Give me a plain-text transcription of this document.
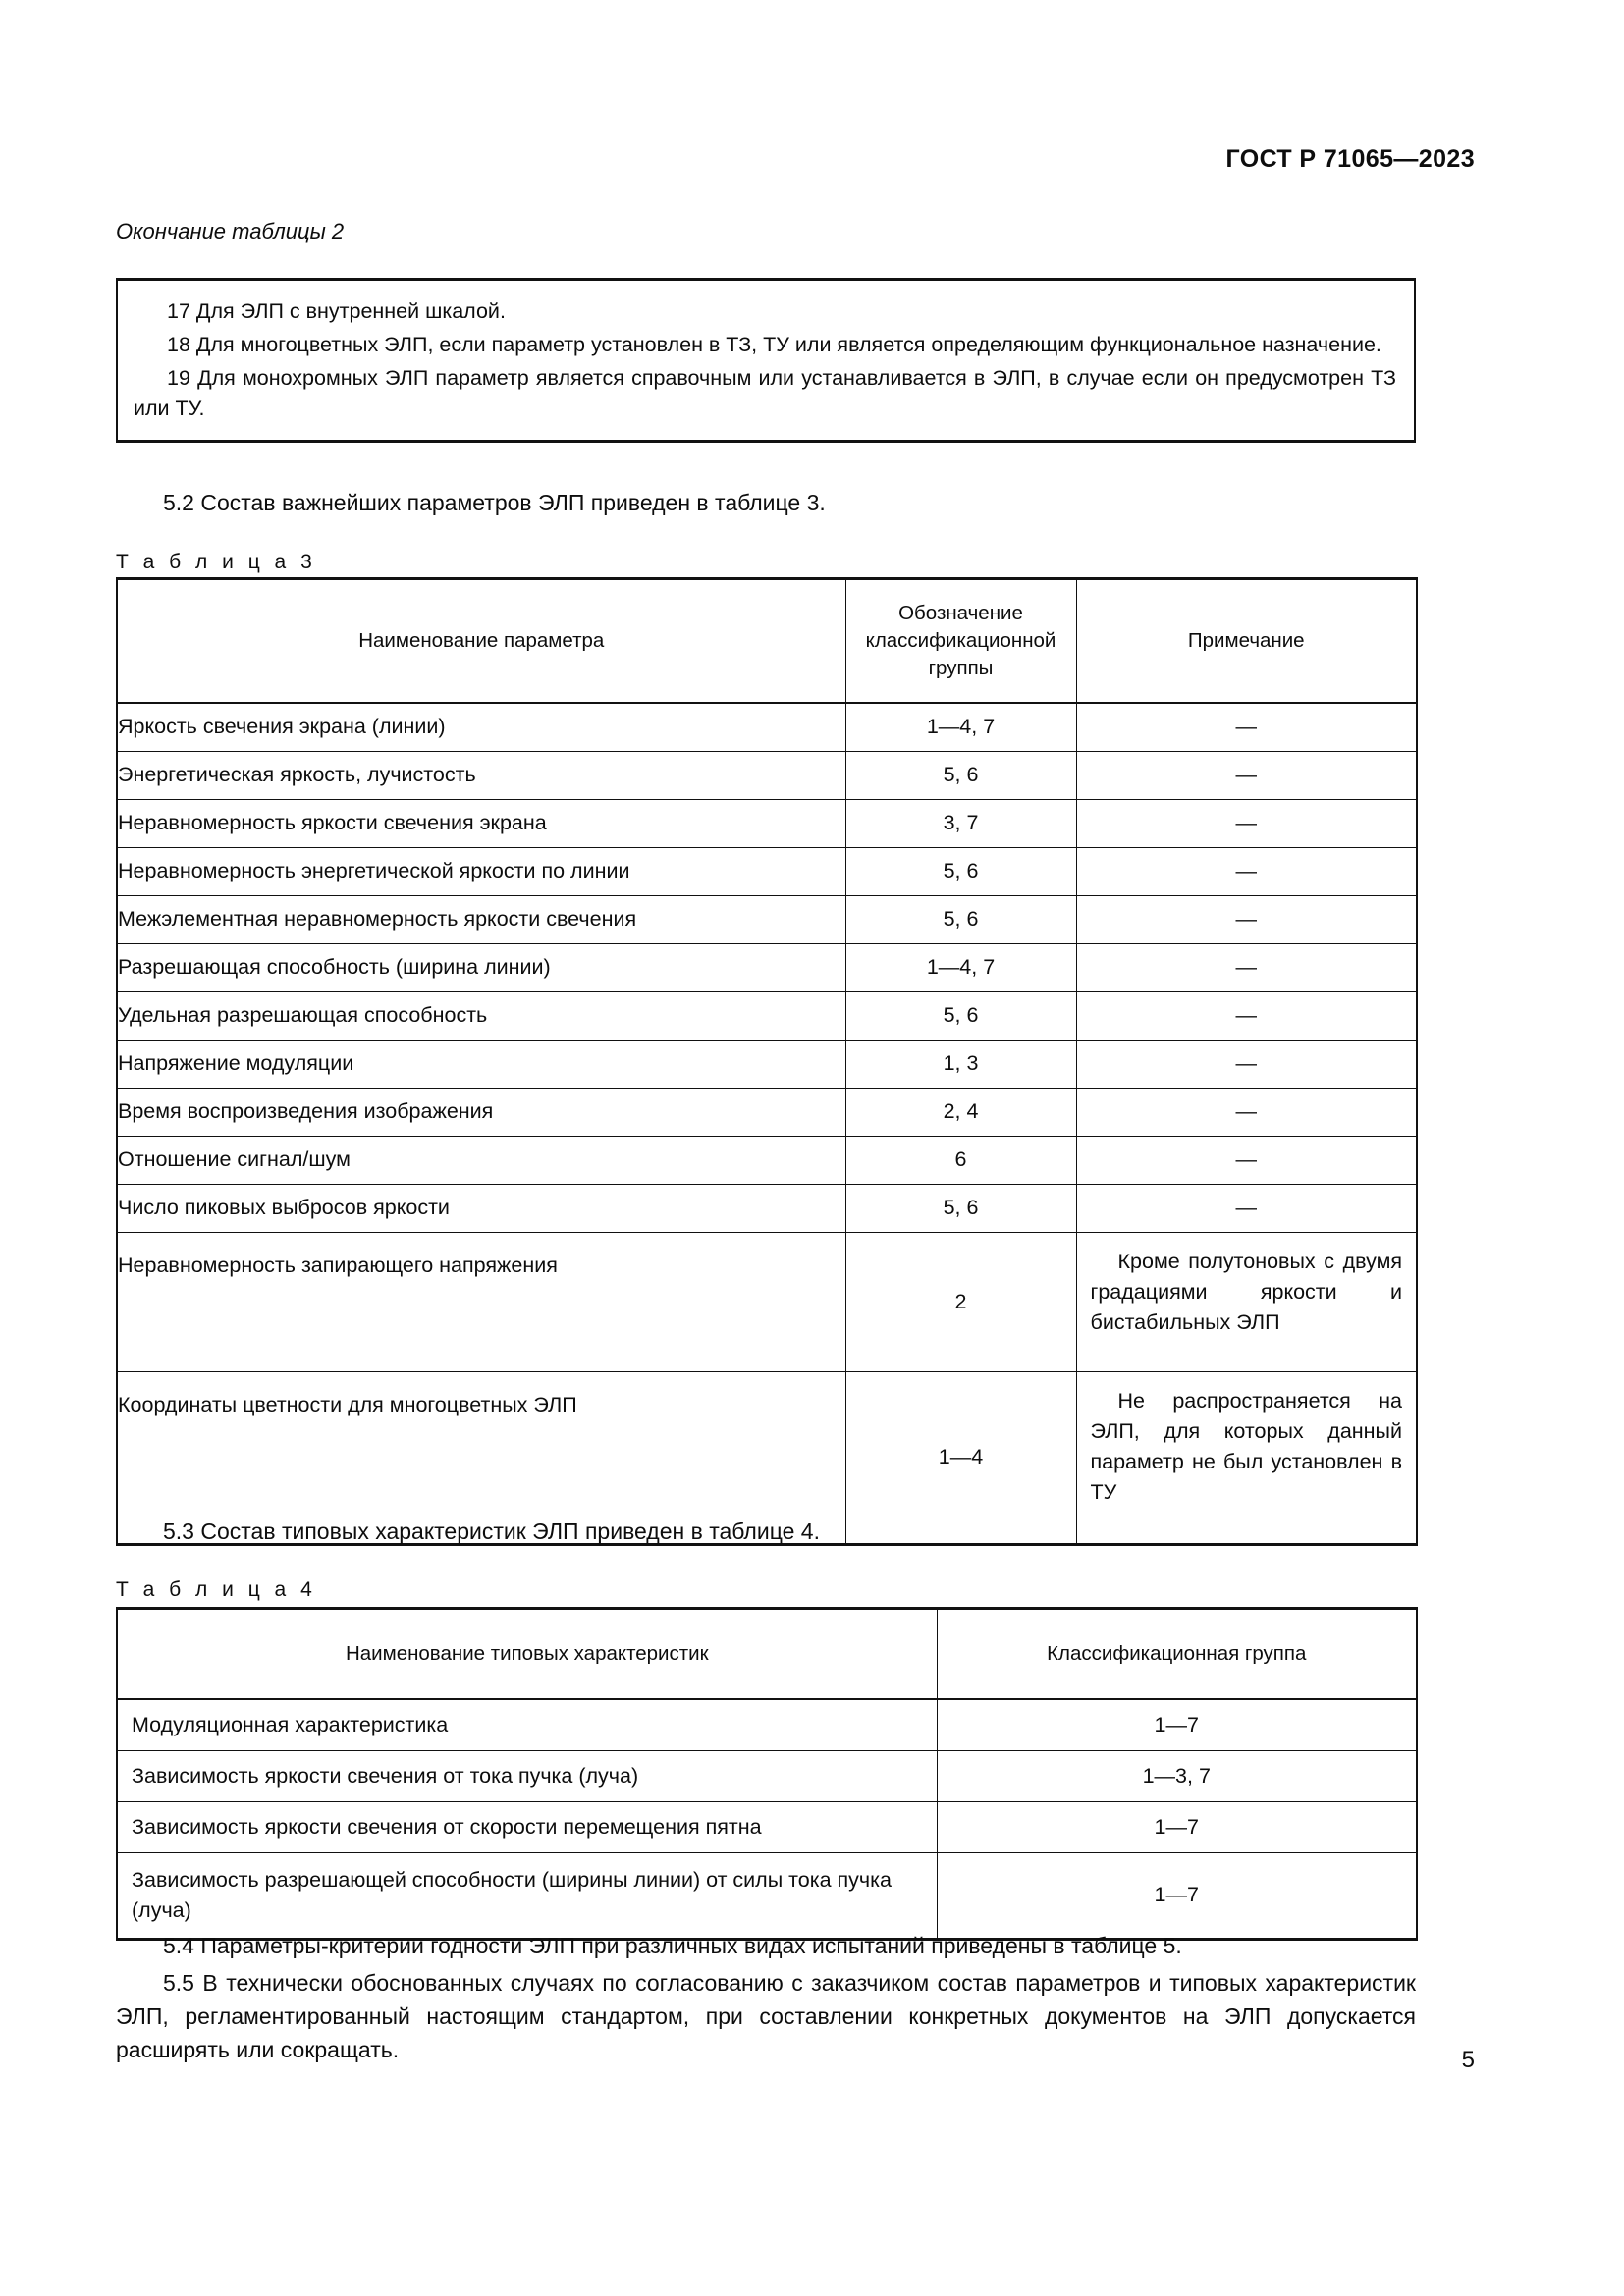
ГОСТ Р 71065—2023
Окончание таблицы 2

17 Для ЭЛП с внутренней шкалой.

18 Для многоцветных ЭЛП, если параметр установлен в ТЗ, ТУ или является определяющим функциональное назначение.

19 Для монохромных ЭЛП параметр является справочным или устанавливается в ЭЛП, в случае если он предусмотрен ТЗ или ТУ.

5.2 Состав важнейших параметров ЭЛП приведен в таблице 3.

Т а б л и ц а 3
Наименование параметра	Обозначение
классификационной
группы	Примечание
Яркость свечения экрана (линии)	1—4, 7	—
Энергетическая яркость, лучистость	5, 6	—
Неравномерность яркости свечения экрана	3, 7	—
Неравномерность энергетической яркости по линии	5, 6	—
Межэлементная неравномерность яркости свечения	5, 6	—
Разрешающая способность (ширина линии)	1—4, 7	—
Удельная разрешающая способность	5, 6	—
Напряжение модуляции	1, 3	—
Время воспроизведения изображения	2, 4	—
Отношение сигнал/шум	6	—
Число пиковых выбросов яркости	5, 6	—
Неравномерность запирающего напряжения	2	Кроме полутоновых с двумя градациями яркости и бистабильных ЭЛП
Координаты цветности для многоцветных ЭЛП	1—4	Не распространяется на ЭЛП, для которых данный параметр не был установлен в ТУ

5.3 Состав типовых характеристик ЭЛП приведен в таблице 4.

Т а б л и ц а 4
Наименование типовых характеристик	Классификационная группа
Модуляционная характеристика	1—7
Зависимость яркости свечения от тока пучка (луча)	1—3, 7
Зависимость яркости свечения от скорости перемещения пятна	1—7
Зависимость разрешающей способности (ширины линии) от силы тока пучка (луча)	1—7

5.4 Параметры-критерии годности ЭЛП при различных видах испытаний приведены в таблице 5.

5.5 В технически обоснованных случаях по согласованию с заказчиком состав параметров и типовых характеристик ЭЛП, регламентированный настоящим стандартом, при составлении конкретных документов на ЭЛП допускается расширять или сокращать.	5
